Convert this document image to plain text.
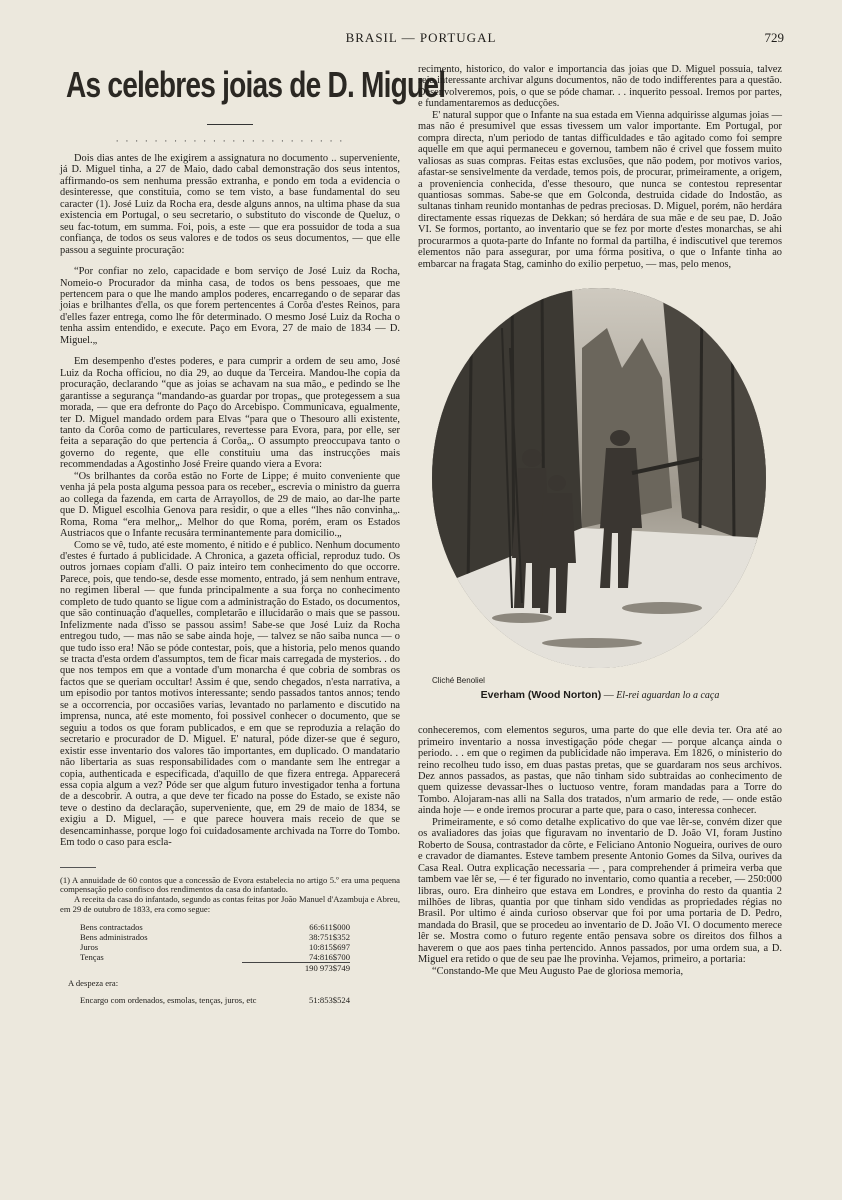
BRASIL — PORTUGAL	729
As celebres joias de D. Miguel
· · · · · · · · · · · · · · · · · · · · · · · ·

Dois dias antes de lhe exigirem a assignatura no documento .. superveniente, já D. Miguel tinha, a 27 de Maio, dado cabal demonstração dos seus intentos, affirmando-os sem nenhuma pressão extranha, e pondo em toda a evidencia o desinteresse, que constituia, como se tem visto, a base fundamental do seu caracter (1). José Luiz da Rocha era, desde alguns annos, na ultima phase da sua existencia em Portugal, o seu secretario, o substituto do visconde de Queluz, o seu fac-totum, em summa. Foi, pois, a este — que era possuidor de toda a sua confiança, de todos os seus valores e de todos os seus documentos, — que elle passou a seguinte procuração:

“Por confiar no zelo, capacidade e bom serviço de José Luiz da Rocha, Nomeio-o Procurador da minha casa, de todos os bens pessoaes, que me pertencem para o que lhe mando amplos poderes, encarregando o de separar das joias e brilhantes d'ella, os que forem pertencentes á Corôa d'estes Reinos, para d'elles fazer entrega, como lhe fôr determinado. O mesmo José Luiz da Rocha o tenha assim entendido, e execute. Paço em Evora, 27 de maio de 1834 — D. Miguel.„

Em desempenho d'estes poderes, e para cumprir a ordem de seu amo, José Luiz da Rocha officiou, no dia 29, ao duque da Terceira. Mandou-lhe copia da procuração, declarando “que as joias se achavam na sua mão„ e pedindo se lhe garantisse a segurança “mandando-as guardar por tropas„ que protegessem a sua morada, — que era defronte do Paço do Arcebispo. Communicava, egualmente, ter D. Miguel mandado ordem para Elvas “para que o Thesouro alli existente, tanto da Corôa como de particulares, revertesse para Evora, para, por elle, ser feita a separação do que pertencia á Corôa„. O assumpto preoccupava tanto o governo do regente, que elle constituiu uma das instrucções mais recommendadas a Agostinho José Freire quando viera a Evora:

“Os brilhantes da corôa estão no Forte de Lippe; é muito conveniente que venha já pela posta alguma pessoa para os receber„ escrevia o ministro da guerra ao collega da fazenda, em carta de Arrayollos, de 29 de maio, ao dar-lhe parte que D. Miguel escolhia Genova para residir, o que a elles “lhes não convinha„. Roma, Roma “era melhor„. Melhor do que Roma, porém, eram os Estados Austriacos que o Infante recusára terminantemente para domicilio.„

Como se vê, tudo, até este momento, é nitido e é publico. Nenhum documento d'estes é furtado á publicidade. A Chronica, a gazeta official, reproduz tudo. Os outros jornaes copiam d'alli. O paiz inteiro tem conhecimento do que occorre. Parece, pois, que tendo-se, desde esse momento, entrado, já sem nenhum entrave, no regimen liberal — que funda principalmente a sua força no conhecimento completo de tudo quanto se ligue com a administração do Estado, os documentos, que são continuação d'aquelles, completarão e illucidarão o mais que se passou. Infelizmente nada d'isso se passou assim! Sabe-se que José Luiz da Rocha entregou tudo, — mas não se sabe ainda hoje, — talvez se não saiba nunca — o que tudo isso era! Não se póde contestar, pois, que a historia, pelo menos quando se tracta d'esta ordem d'assumptos, tem de ficar mais carregada de mysterios. . do que nos tempos em que a vontade d'um monarcha é que cobria de sombras os factos que se queriam occultar! Assim é que, sendo chegados, n'esta narrativa, a um episodio por tantos motivos interessante; sendo passados tantos annos; tendo se a occorrencia, por occasiões varias, levantado no parlamento e discutido na imprensa, nunca, até este momento, foi possivel conhecer o documento, que se seguiu a todos os que foram publicados, e em que se reproduzia a relação do secretario e procurador de D. Miguel. E' natural, póde dizer-se que é seguro, existir esse inventario dos valores tão importantes, em duplicado. O mandatario não libertaria as suas responsabilidades com o mandante sem lhe entregar a copia, authenticada e especificada, d'aquillo de que fizera entrega. Apparecerá essa copia algum a vez? Póde ser que algum futuro investigador tenha a fortuna de a descobrir. A outra, a que deve ter ficado na posse do Estado, se existe não teve o destino da declaração, superveniente, que, em 29 de maio de 1834, se exigiu a D. Miguel, — e que parece houvera mais receio de que se desencaminhasse, porque logo foi cuidadosamente archivada na Torre do Tombo. Em todo o caso para escla-

(1) A annuidade de 60 contos que a concessão de Evora estabelecia no artigo 5.º era uma pequena compensação pelo confisco dos rendimentos da casa do infantado.
A receita da casa do infantado, segundo as contas feitas por João Manuel d'Azambuja e Abreu, em 29 de outubro de 1833, era como segue:
Bens contractados	66:611$000
Bens administrados	38:751$352
Juros	10:815$697
Tenças	74:816$700
	190 973$749
A despeza era:
Encargo com ordenados, esmolas, tenças, juros, etc	51:853$524

recimento, historico, do valor e importancia das joias que D. Miguel possuia, talvez seja interessante archivar alguns documentos, não de todo indifferentes para a questão. Desenvolveremos, pois, o que se póde chamar. . . inquerito pessoal. Iremos por partes, e fundamentaremos as deducções.

E' natural suppor que o Infante na sua estada em Vienna adquirisse algumas joias — mas não é presumivel que essas tivessem um valor importante. Em Portugal, por compra directa, n'um periodo de tantas difficuldades e tão agitado como foi sempre aquelle em que aqui permaneceu e governou, tambem não é crivel que fossem muito valiosas as suas compras. Feitas estas exclusões, que não podem, por motivos varios, afastar-se sensivelmente da verdade, temos pois, de procurar, primeiramente, a origem, a proveniencia conhecida, d'esse thesouro, que nunca se contestou representar quantiosas sommas. Sabe-se que em Golconda, destruida cidade do Indostão, as sultanas tinham reunido montanhas de pedras preciosas. D. Miguel, porém, não herdára directamente essas riquezas de Dekkan; só herdára de sua mãe e de seu pae, D. João VI. Se formos, portanto, ao inventario que se fez por morte d'estes monarchas, se ahi procurarmos a quota-parte do Infante no formal da partilha, é indiscutivel que teremos elementos não para assegurar, por uma fórma positiva, o que o Infante tinha ao embarcar na fragata Stag, caminho do exilio perpetuo, — mas, pelo menos,

Cliché Benoliel
Everham (Wood Norton) — El-rei aguardan lo a caça

conheceremos, com elementos seguros, uma parte do que elle devia ter. Ora até ao primeiro inventario a nossa investigação póde chegar — porque alcança ainda o periodo. . . em que o regimen da publicidade não imperava. Em 1826, o ministerio do reino recolheu tudo isso, em duas pastas pretas, que se guardaram nos seus archivos. Dez annos passados, as pastas, que não tinham sido subtraidas ao conhecimento de quem quizesse devassar-lhes o luctuoso ventre, foram mandadas para a Torre do Tombo. Alojaram-nas alli na Salla dos tratados, n'um armario de rede, — onde estão ainda hoje — e onde iremos procurar a parte que, para o caso, interessa conhecer.

Primeiramente, e só como detalhe explicativo do que vae lêr-se, convém dizer que os avaliadores das joias que figuravam no inventario de D. João VI, foram Justino Roberto de Sousa, contrastador da côrte, e Feliciano Antonio Nogueira, ourives de ouro e cravador de diamantes. Esteve tambem presente Antonio Gomes da Silva, ourives da Casa Real. Outra explicação necessaria — , para comprehender á primeira verba que tambem vae lêr se, — é ter figurado no inventario, como quantia a receber, — 250:000 libras, ouro. Era dinheiro que estava em Londres, e provinha do resto da quantia 2 milhões de libras, quantia por que tinham sido vendidas as propriedades régias no Brasil. Por ultimo é ainda curioso observar que foi por uma portaria de D. Pedro, mandada do Brasil, que se procedeu ao inventario de D. João VI. O documento merece lêr se. Mostra como o futuro regente então pensava sobre os direitos dos filhos a haverem o que aos paes tinha pertencido. Annos passados, por uma ordem sua, a D. Miguel era retido o que de seu pae lhe provinha. Vejamos, primeiro, a portaria:

“Constando-Me que Meu Augusto Pae de gloriosa memoria,
